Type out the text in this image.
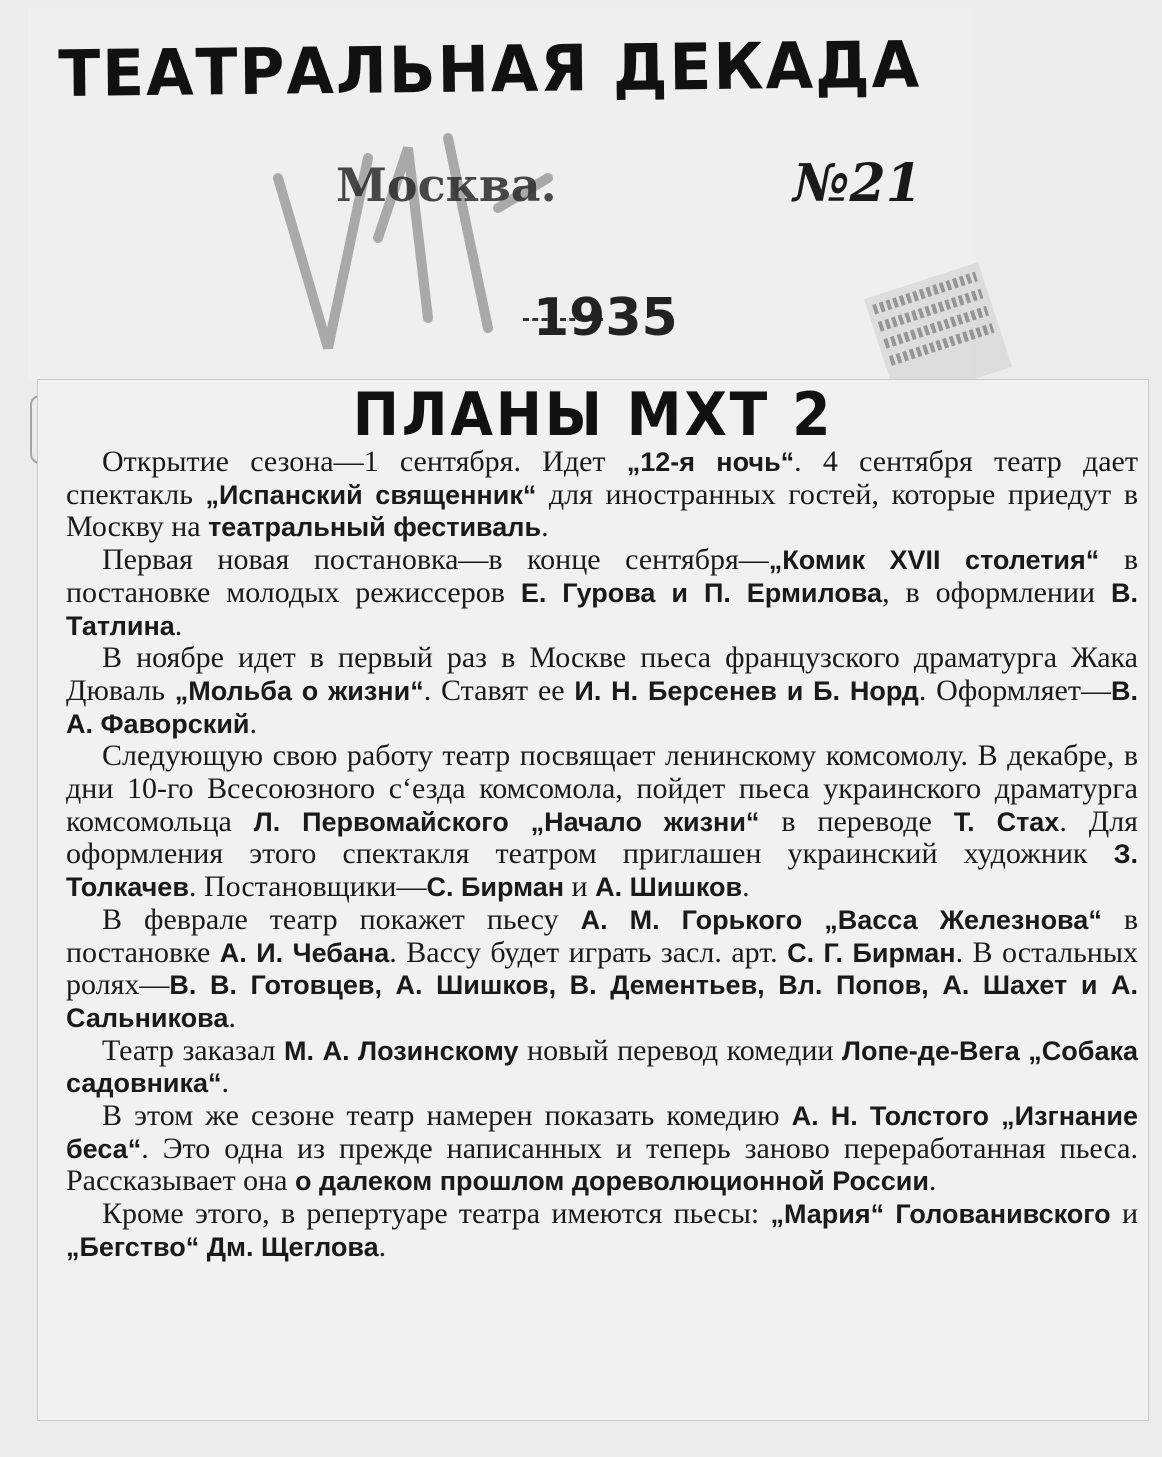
ТЕАТРАЛЬНАЯ ДЕКАДА
Москва.	№21
1935
ПЛАНЫ МХТ 2

Открытие сезона—1 сентября. Идет „12-я ночь“. 4 сентября театр дает спектакль „Испанский священник“ для иностранных гостей, которые приедут в Москву на театральный фестиваль.

Первая новая постановка—в конце сентября—„Комик XVII столетия“ в постановке молодых режиссеров Е. Гурова и П. Ермилова, в оформлении В. Татлина.

В ноябре идет в первый раз в Москве пьеса французского драматурга Жака Дюваль „Мольба о жизни“. Ставят ее И. Н. Берсенев и Б. Норд. Оформляет—В. А. Фаворский.

Следующую свою работу театр посвящает ленинскому комсомолу. В декабре, в дни 10-го Всесоюзного с‘езда комсомола, пойдет пьеса украинского драматурга комсомольца Л. Первомайского „Начало жизни“ в переводе Т. Стах. Для оформления этого спектакля театром приглашен украинский художник З. Толкачев. Постановщики—С. Бирман и А. Шишков.

В феврале театр покажет пьесу А. М. Горького „Васса Железнова“ в постановке А. И. Чебана. Вассу будет играть засл. арт. С. Г. Бирман. В остальных ролях—В. В. Готовцев, А. Шишков, В. Дементьев, Вл. Попов, А. Шахет и А. Сальникова.

Театр заказал М. А. Лозинскому новый перевод комедии Лопе-де-Вега „Собака садовника“.

В этом же сезоне театр намерен показать комедию А. Н. Толстого „Изгнание беса“. Это одна из прежде написанных и теперь заново переработанная пьеса. Рассказывает она о далеком прошлом дореволюционной России.

Кроме этого, в репертуаре театра имеются пьесы: „Мария“ Голованивского и „Бегство“ Дм. Щеглова.
